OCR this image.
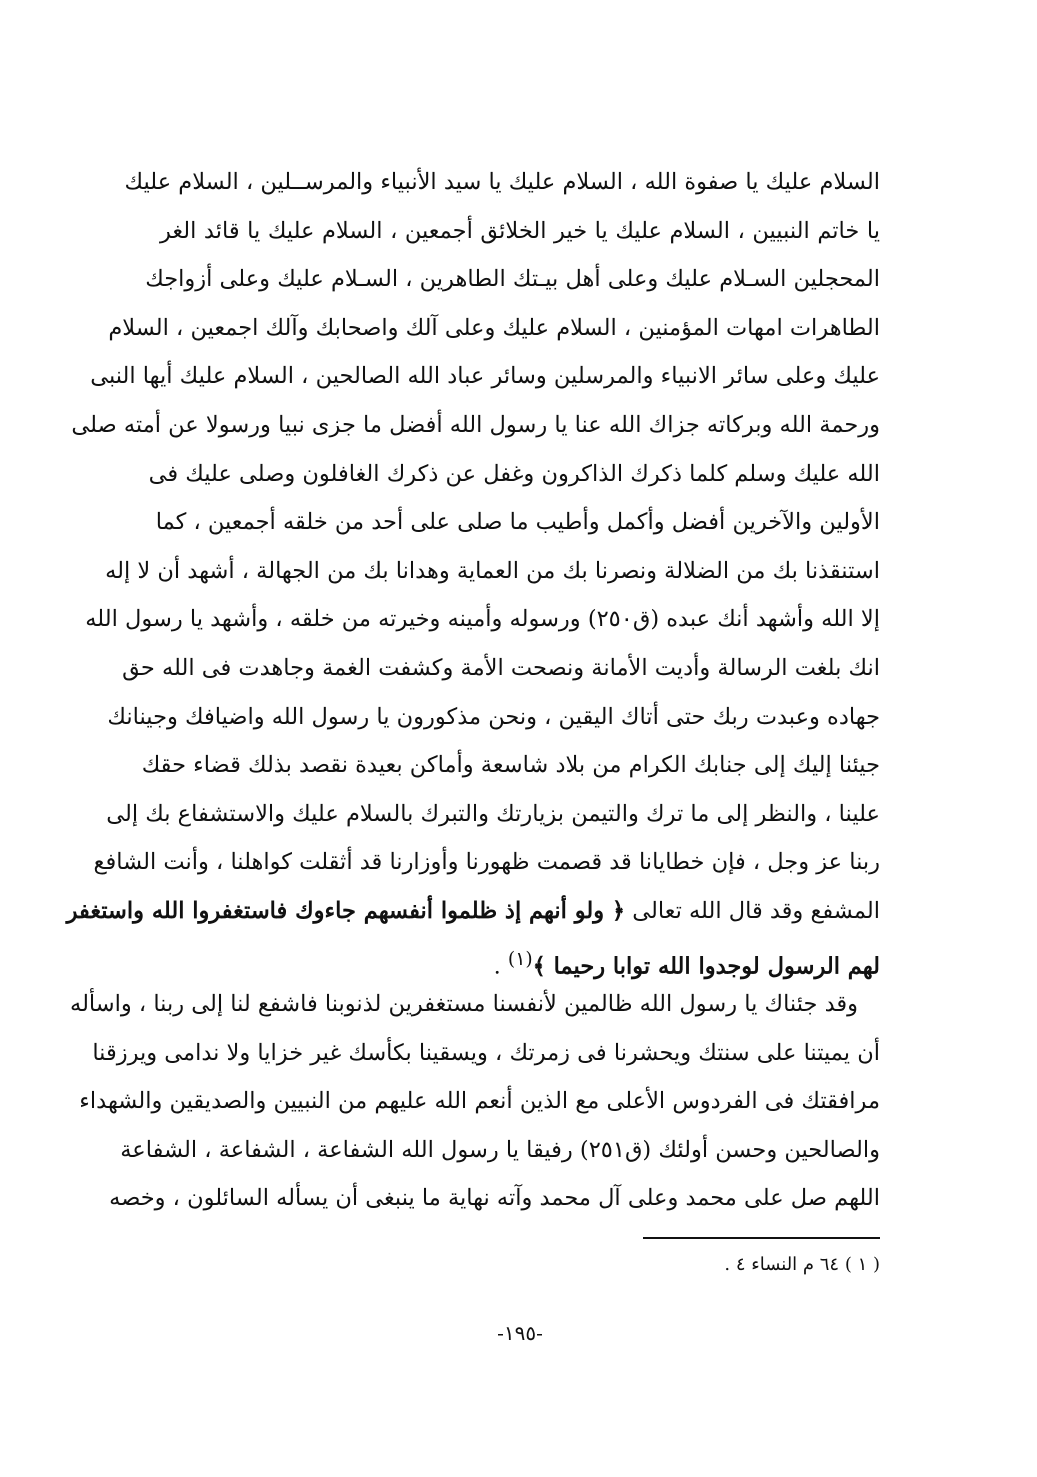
السلام عليك يا صفوة الله ، السلام عليك يا سيد الأنبياء والمرســلين ، السلام عليك
يا خاتم النبيين ، السلام عليك يا خير الخلائق أجمعين ، السلام عليك يا قائد الغر
المحجلين السـلام عليك وعلى أهل بيـتك الطاهرين ، السـلام عليك وعلى أزواجك
الطاهرات امهات المؤمنين ، السلام عليك وعلى آلك واصحابك وآلك اجمعين ، السلام
عليك وعلى سائر الانبياء والمرسلين وسائر عباد الله الصالحين ، السلام عليك أيها النبى
ورحمة الله وبركاته جزاك الله عنا يا رسول الله أفضل ما جزى نبيا ورسولا عن أمته صلى
الله عليك وسلم كلما ذكرك الذاكرون وغفل عن ذكرك الغافلون وصلى عليك فى
الأولين والآخرين أفضل وأكمل وأطيب ما صلى على أحد من خلقه أجمعين ، كما
استنقذنا بك من الضلالة ونصرنا بك من العماية وهدانا بك من الجهالة ، أشهد أن لا إله
إلا الله وأشهد أنك عبده (ق٢٥٠) ورسوله وأمينه وخيرته من خلقه ، وأشهد يا رسول الله
انك بلغت الرسالة وأديت الأمانة ونصحت الأمة وكشفت الغمة وجاهدت فى الله حق
جهاده وعبدت ربك حتى أتاك اليقين ، ونحن مذكورون يا رسول الله واضيافك وجينانك
جيئنا إليك إلى جنابك الكرام من بلاد شاسعة وأماكن بعيدة نقصد بذلك قضاء حقك
علينا ، والنظر إلى ما ترك والتيمن بزيارتك والتبرك بالسلام عليك والاستشفاع بك إلى
ربنا عز وجل ، فإن خطايانا قد قصمت ظهورنا وأوزارنا قد أثقلت كواهلنا ، وأنت الشافع
المشفع وقد قال الله تعالى ﴿ ولو أنهم إذ ظلموا أنفسهم جاءوك فاستغفروا الله واستغفر
لهم الرسول لوجدوا الله توابا رحيما ﴾$^{(١)}$ .
وقد جئناك يا رسول الله ظالمين لأنفسنا مستغفرين لذنوبنا فاشفع لنا إلى ربنا ، واسأله
أن يميتنا على سنتك ويحشرنا فى زمرتك ، ويسقينا بكأسك غير خزايا ولا ندامى ويرزقنا
مرافقتك فى الفردوس الأعلى مع الذين أنعم الله عليهم من النبيين والصديقين والشهداء
والصالحين وحسن أولئك (ق٢٥١) رفيقا يا رسول الله الشفاعة ، الشفاعة ، الشفاعة
اللهم صل على محمد وعلى آل محمد وآته نهاية ما ينبغى أن يسأله السائلون ، وخصه
( ١ ) ٦٤ م النساء ٤ .
-١٩٥-
